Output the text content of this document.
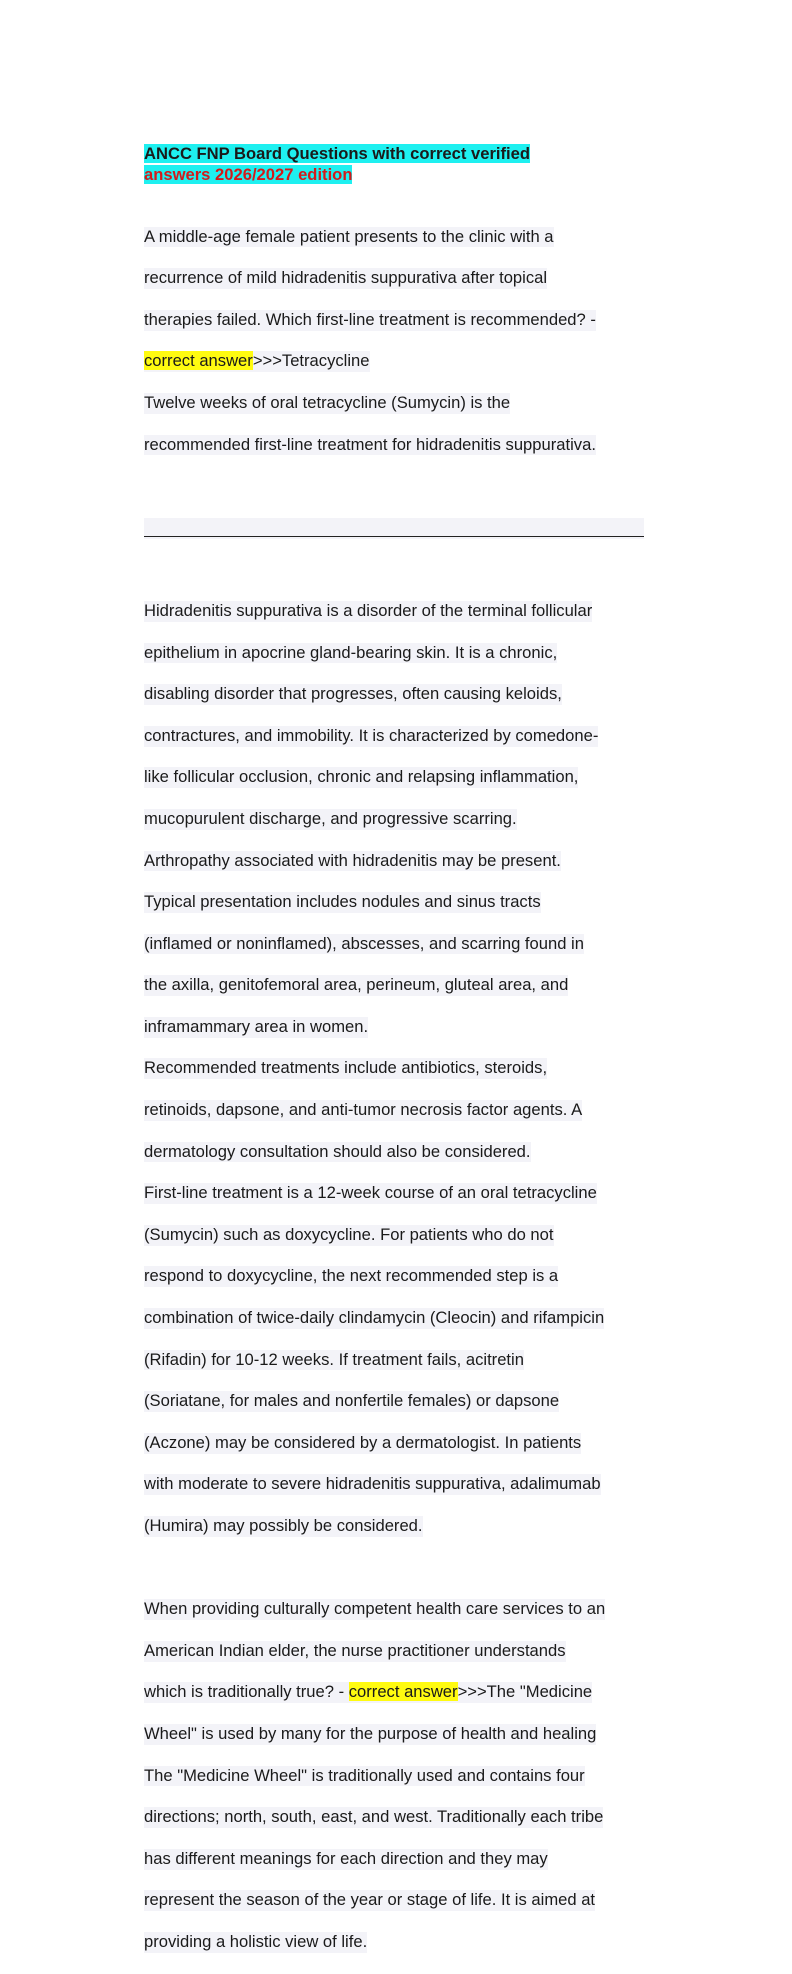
ANCC FNP Board Questions with correct verified
answers 2026/2027 edition

A middle-age female patient presents to the clinic with a

recurrence of mild hidradenitis suppurativa after topical

therapies failed. Which first-line treatment is recommended? -

correct answer>>>Tetracycline

Twelve weeks of oral tetracycline (Sumycin) is the

recommended first-line treatment for hidradenitis suppurativa.

Hidradenitis suppurativa is a disorder of the terminal follicular

epithelium in apocrine gland-bearing skin. It is a chronic,

disabling disorder that progresses, often causing keloids,

contractures, and immobility. It is characterized by comedone-

like follicular occlusion, chronic and relapsing inflammation,

mucopurulent discharge, and progressive scarring.

Arthropathy associated with hidradenitis may be present.

Typical presentation includes nodules and sinus tracts

(inflamed or noninflamed), abscesses, and scarring found in

the axilla, genitofemoral area, perineum, gluteal area, and

inframammary area in women.

Recommended treatments include antibiotics, steroids,

retinoids, dapsone, and anti-tumor necrosis factor agents. A

dermatology consultation should also be considered.

First-line treatment is a 12-week course of an oral tetracycline

(Sumycin) such as doxycycline. For patients who do not

respond to doxycycline, the next recommended step is a

combination of twice-daily clindamycin (Cleocin) and rifampicin

(Rifadin) for 10-12 weeks. If treatment fails, acitretin

(Soriatane, for males and nonfertile females) or dapsone

(Aczone) may be considered by a dermatologist. In patients

with moderate to severe hidradenitis suppurativa, adalimumab

(Humira) may possibly be considered.

When providing culturally competent health care services to an

American Indian elder, the nurse practitioner understands

which is traditionally true? - correct answer>>>The "Medicine

Wheel" is used by many for the purpose of health and healing

The "Medicine Wheel" is traditionally used and contains four

directions; north, south, east, and west. Traditionally each tribe

has different meanings for each direction and they may

represent the season of the year or stage of life. It is aimed at

providing a holistic view of life.
